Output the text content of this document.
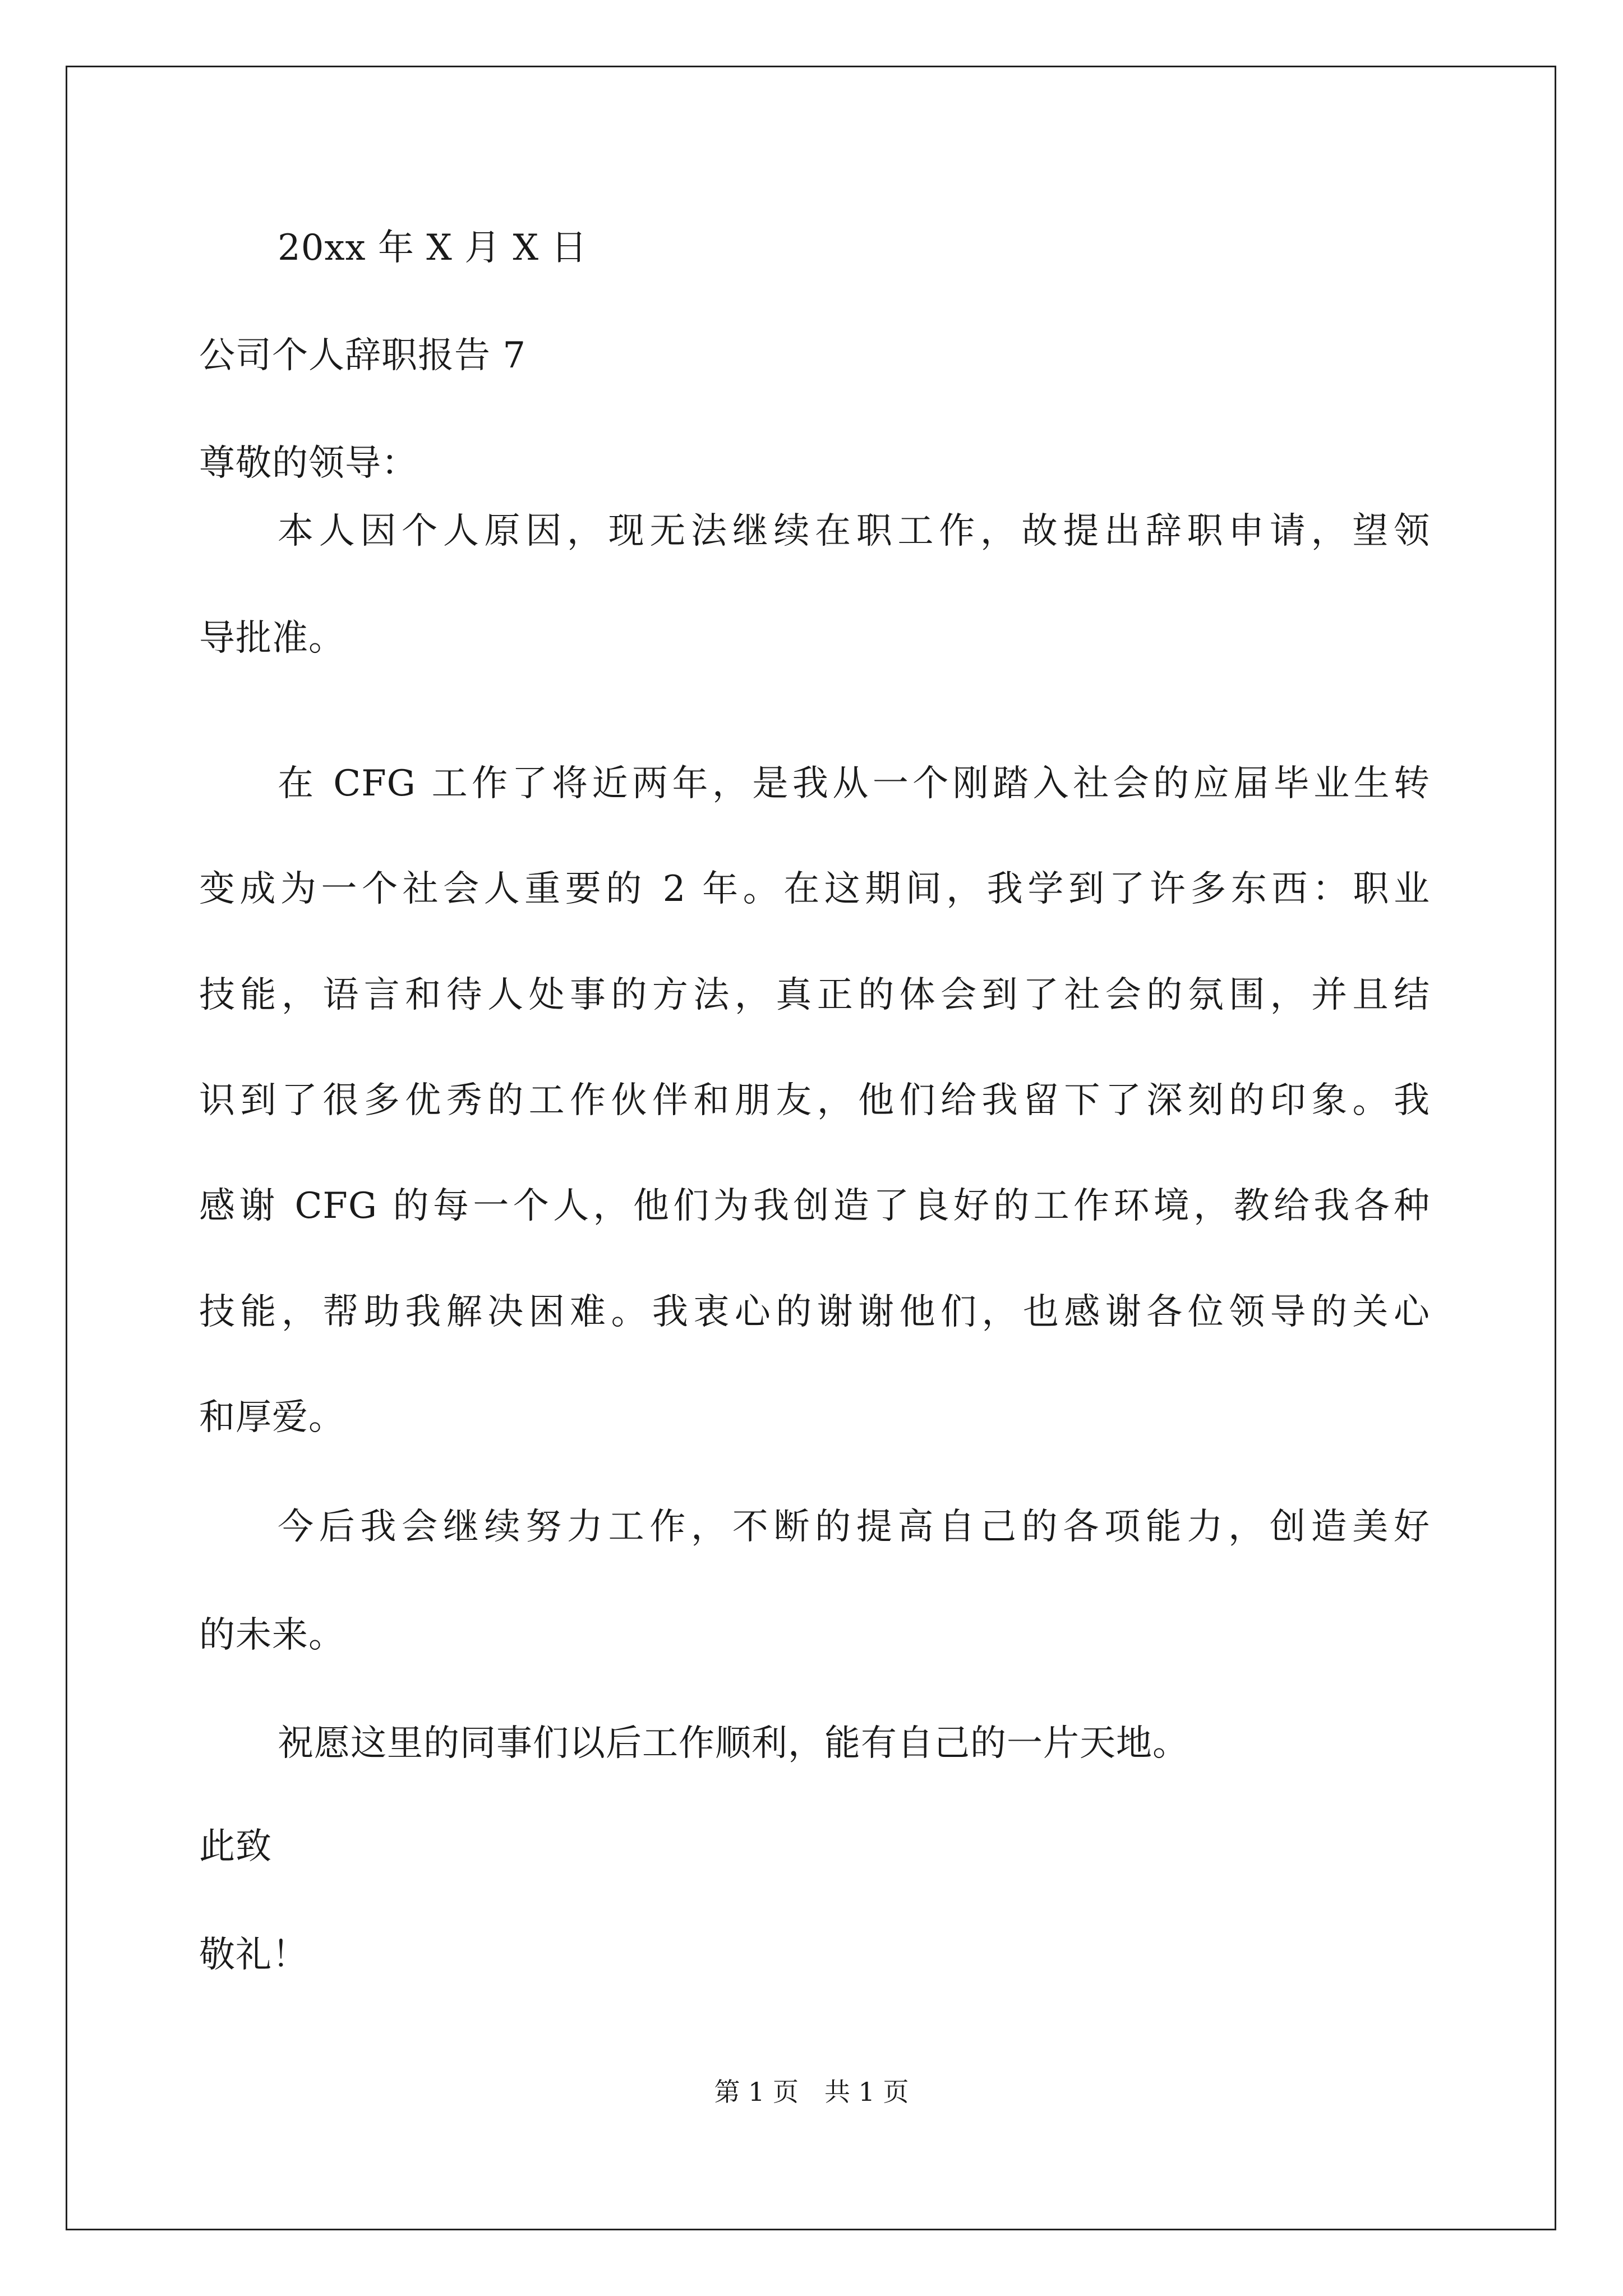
20xx 年 X 月 X 日
公司个人辞职报告 7
尊敬的领导：
本人因个人原因，现无法继续在职工作，故提出辞职申请，望领
导批准。
在 CFG 工作了将近两年，是我从一个刚踏入社会的应届毕业生转
变成为一个社会人重要的 2 年。在这期间，我学到了许多东西：职业
技能，语言和待人处事的方法，真正的体会到了社会的氛围，并且结
识到了很多优秀的工作伙伴和朋友，他们给我留下了深刻的印象。我
感谢 CFG 的每一个人，他们为我创造了良好的工作环境，教给我各种
技能，帮助我解决困难。我衷心的谢谢他们，也感谢各位领导的关心
和厚爱。
今后我会继续努力工作，不断的提高自己的各项能力，创造美好
的未来。
祝愿这里的同事们以后工作顺利，能有自己的一片天地。
此致
敬礼！
第 1 页　共 1 页
